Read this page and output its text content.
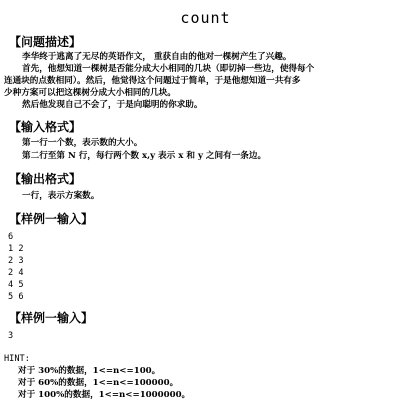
count
【问题描述】
李华终于逃离了无尽的英语作文， 重获自由的他对一棵树产生了兴趣。
首先，他想知道一棵树是否能分成大小相同的几块（即切掉一些边，使得每个
连通块的点数相同）。然后，他觉得这个问题过于简单，于是他想知道一共有多
少种方案可以把这棵树分成大小相同的几块。
然后他发现自己不会了，于是向聪明的你求助。
【输入格式】
第一行一个数，表示数的大小。
第二行至第 N 行，每行两个数 x,y 表示 x 和 y 之间有一条边。
【输出格式】
一行，表示方案数。
【样例一输入】
6
1 2
2 3
2 4
4 5
5 6
【样例一输入】
3
HINT:
对于 30%的数据，1<=n<=100。
对于 60%的数据，1<=n<=100000。
对于 100%的数据，1<=n<=1000000。
